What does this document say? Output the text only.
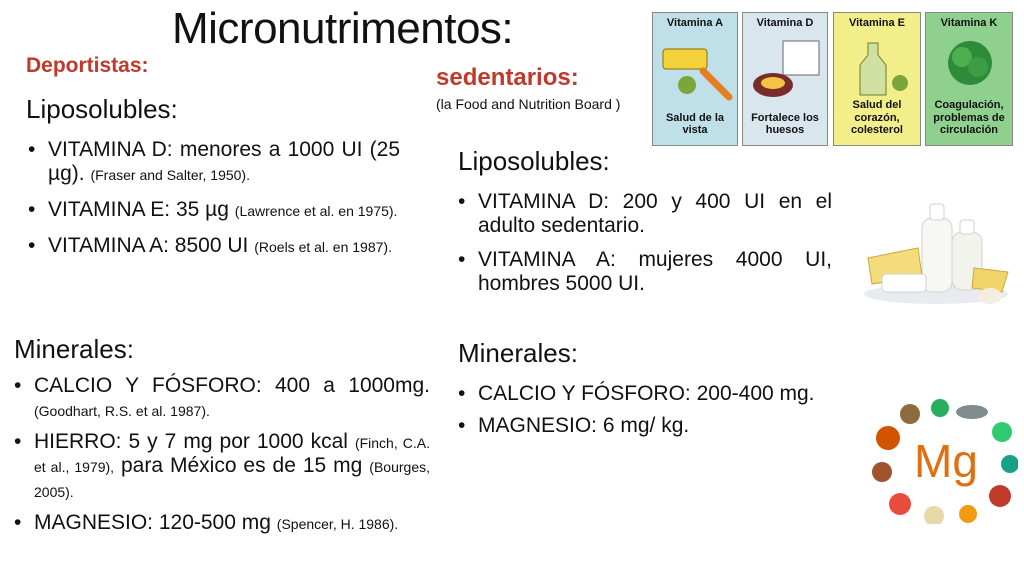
Micronutrimentos:
Deportistas:
Liposolubles:
• VITAMINA D: menores a 1000 UI (25 µg). (Fraser and Salter, 1950).
• VITAMINA E: 35 µg (Lawrence et al. en 1975).
• VITAMINA A: 8500 UI (Roels et al. en 1987).
Minerales:
• CALCIO Y FÓSFORO: 400 a 1000mg. (Goodhart, R.S. et al. 1987).
• HIERRO: 5 y 7 mg por 1000 kcal (Finch, C.A. et al., 1979), para México es de 15 mg (Bourges, 2005).
• MAGNESIO: 120-500 mg (Spencer, H. 1986).
sedentarios:
(la Food and Nutrition Board )
Liposolubles:
• VITAMINA D: 200 y 400 UI en el adulto sedentario.
• VITAMINA A: mujeres 4000 UI, hombres 5000 UI.
Minerales:
• CALCIO Y FÓSFORO: 200-400 mg.
• MAGNESIO: 6 mg/ kg.
Vitamina A
Salud de la vista
Vitamina D
Fortalece los huesos
Vitamina E
Salud del corazón, colesterol
Vitamina K
Coagulación, problemas de circulación
Mg
